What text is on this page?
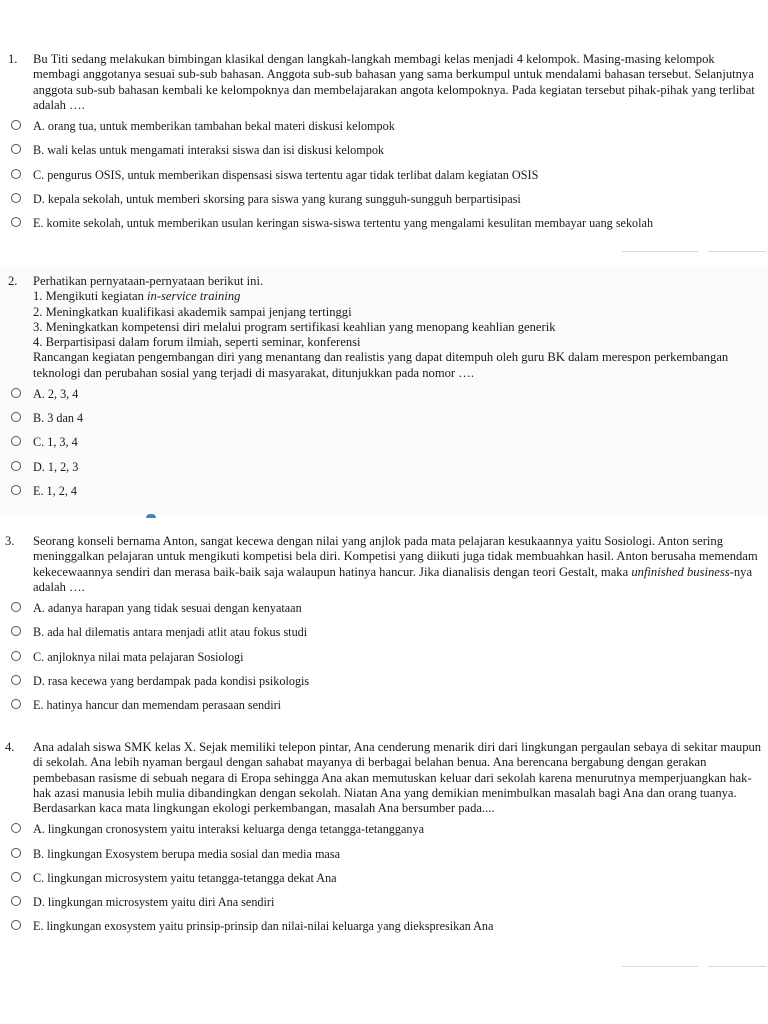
1. Bu Titi sedang melakukan bimbingan klasikal dengan langkah-langkah membagi kelas menjadi 4 kelompok. Masing-masing kelompok membagi anggotanya sesuai sub-sub bahasan. Anggota sub-sub bahasan yang sama berkumpul untuk mendalami bahasan tersebut. Selanjutnya anggota sub-sub bahasan kembali ke kelompoknya dan membelajarakan angota kelompoknya. Pada kegiatan tersebut pihak-pihak yang terlibat adalah ….

A. orang tua, untuk memberikan tambahan bekal materi diskusi kelompok
B. wali kelas untuk mengamati interaksi siswa dan isi diskusi kelompok
C. pengurus OSIS, untuk memberikan dispensasi siswa tertentu agar tidak terlibat dalam kegiatan OSIS
D. kepala sekolah, untuk memberi skorsing para siswa yang kurang sungguh-sungguh berpartisipasi
E. komite sekolah, untuk memberikan usulan keringan siswa-siswa tertentu yang mengalami kesulitan membayar uang sekolah
2. Perhatikan pernyataan-pernyataan berikut ini.

1. Mengikuti kegiatan in-service training

2. Meningkatkan kualifikasi akademik sampai jenjang tertinggi

3. Meningkatkan kompetensi diri melalui program sertifikasi keahlian yang menopang keahlian generik

4. Berpartisipasi dalam forum ilmiah, seperti seminar, konferensi

Rancangan kegiatan pengembangan diri yang menantang dan realistis yang dapat ditempuh oleh guru BK dalam merespon perkembangan teknologi dan perubahan sosial yang terjadi di masyarakat, ditunjukkan pada nomor ….

A. 2, 3, 4
B. 3 dan 4
C. 1, 3, 4
D. 1, 2, 3
E. 1, 2, 4
3. Seorang konseli bernama Anton, sangat kecewa dengan nilai yang anjlok pada mata pelajaran kesukaannya yaitu Sosiologi. Anton sering meninggalkan pelajaran untuk mengikuti kompetisi bela diri. Kompetisi yang diikuti juga tidak membuahkan hasil. Anton berusaha memendam kekecewaannya sendiri dan merasa baik-baik saja walaupun hatinya hancur. Jika dianalisis dengan teori Gestalt, maka unfinished business-nya adalah ….

A. adanya harapan yang tidak sesuai dengan kenyataan
B. ada hal dilematis antara menjadi atlit atau fokus studi
C. anjloknya nilai mata pelajaran Sosiologi
D. rasa kecewa yang berdampak pada kondisi psikologis
E. hatinya hancur dan memendam perasaan sendiri
4. Ana adalah siswa SMK kelas X. Sejak memiliki telepon pintar, Ana cenderung menarik diri dari lingkungan pergaulan sebaya di sekitar maupun di sekolah. Ana lebih nyaman bergaul dengan sahabat mayanya di berbagai belahan benua. Ana berencana bergabung dengan gerakan pembebasan rasisme di sebuah negara di Eropa sehingga Ana akan memutuskan keluar dari sekolah karena menurutnya memperjuangkan hak-hak azasi manusia lebih mulia dibandingkan dengan sekolah. Niatan Ana yang demikian menimbulkan masalah bagi Ana dan orang tuanya. Berdasarkan kaca mata lingkungan ekologi perkembangan, masalah Ana bersumber pada....

A. lingkungan cronosystem yaitu interaksi keluarga denga tetangga-tetangganya
B. lingkungan Exosystem berupa media sosial dan media masa
C. lingkungan microsystem yaitu tetangga-tetangga dekat Ana
D. lingkungan microsystem yaitu diri Ana sendiri
E. lingkungan exosystem yaitu prinsip-prinsip dan nilai-nilai keluarga yang diekspresikan Ana
